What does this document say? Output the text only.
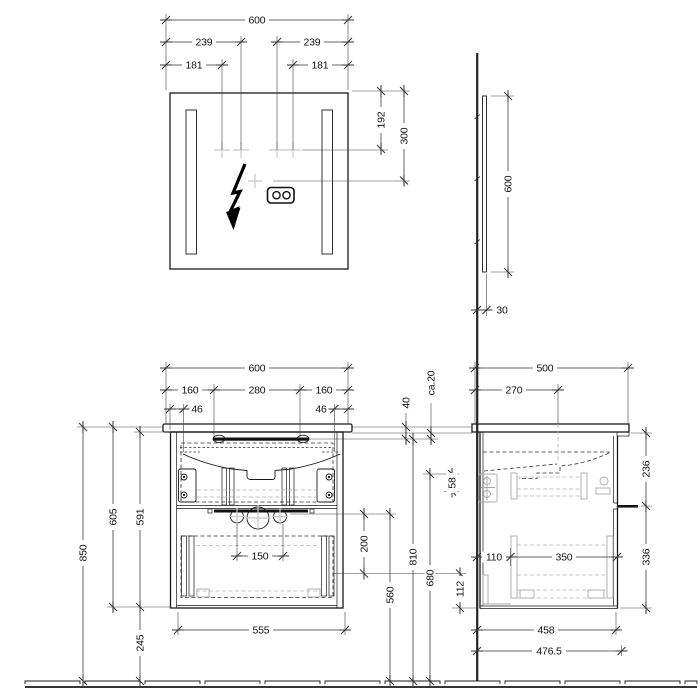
600
239	239
181	181
192
300
600
30
600
160	280	160
46	46
40
ca.20
150
200
560
810
680
850
605 591
245
555
58
112
500
270
236
336
110	350
458
476.5
